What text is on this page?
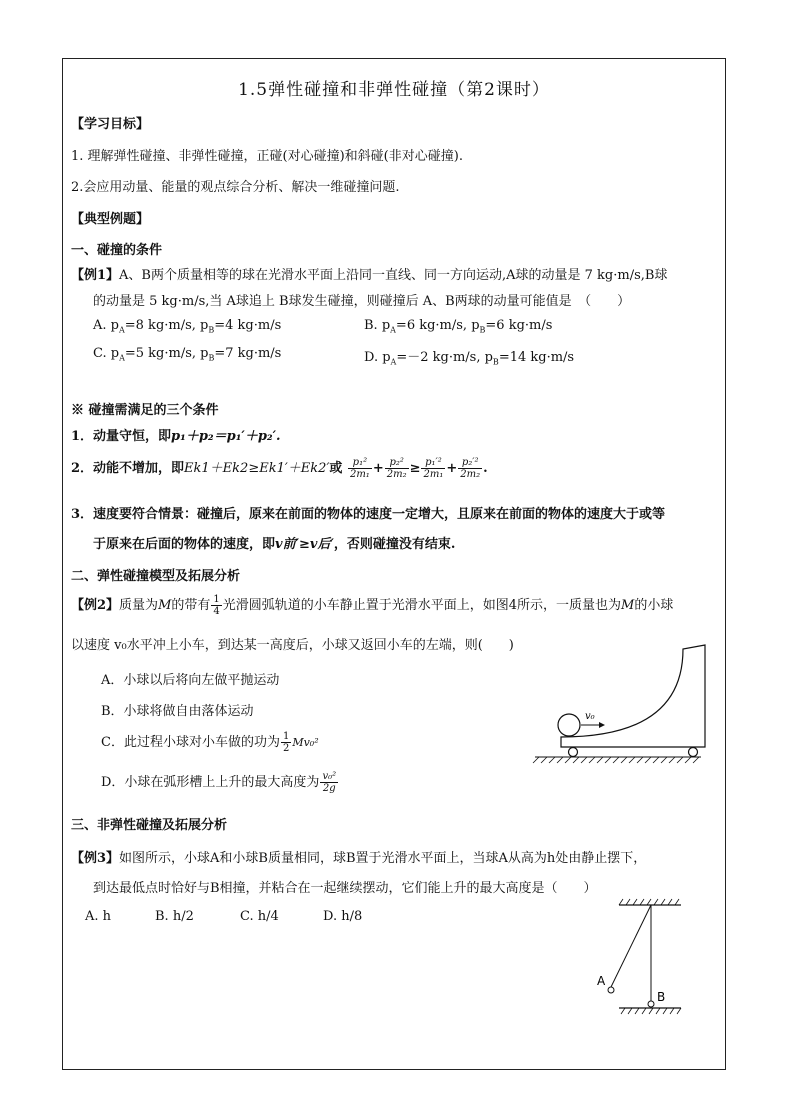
1.5弹性碰撞和非弹性碰撞（第2课时）
【学习目标】
1. 理解弹性碰撞、非弹性碰撞，正碰(对心碰撞)和斜碰(非对心碰撞).
2.会应用动量、能量的观点综合分析、解决一维碰撞问题.
【典型例题】
一、碰撞的条件
【例1】A、B两个质量相等的球在光滑水平面上沿同一直线、同一方向运动,A球的动量是 7 kg·m/s,B球
的动量是 5 kg·m/s,当 A球追上 B球发生碰撞，则碰撞后 A、B两球的动量可能值是　（　　）
A. $p_A=8$ kg·m/s, $p_B=4$ kg·m/s	B. $p_A=6$ kg·m/s, $p_B=6$ kg·m/s
C. $p_A=5$ kg·m/s, $p_B=7$ kg·m/s	D. $p_A=-2$ kg·m/s, $p_B=14$ kg·m/s
※ 碰撞需满足的三个条件
1．动量守恒，即p₁＋p₂＝p₁′＋p₂′.
2．动能不增加，即Ek1＋Ek2≥Ek1′＋Ek2′或 $\frac{\text{p₁²}}{\text{2m₁}} + \frac{\text{p₂²}}{\text{2m₂}} \ge \frac{\text{p₁′²}}{\text{2m₁}} + \frac{\text{p₂′²}}{\text{2m₂}}$ .
3．速度要符合情景：碰撞后，原来在前面的物体的速度一定增大，且原来在前面的物体的速度大于或等
于原来在后面的物体的速度，即v前′≥v后′，否则碰撞没有结束.
二、弹性碰撞模型及拓展分析
【例2】质量为M的带有 $\frac{1}{4}$ 光滑圆弧轨道的小车静止置于光滑水平面上，如图4所示，一质量也为M的小球
以速度 v₀水平冲上小车，到达某一高度后，小球又返回小车的左端，则(　　)
A．小球以后将向左做平抛运动
B．小球将做自由落体运动
C．此过程小球对小车做的功为 $\frac{1}{2} Mv_0^2$
D．小球在弧形槽上上升的最大高度为 $\frac{\text{v₀²}}{2g}$
v₀
三、非弹性碰撞及拓展分析
【例3】如图所示，小球A和小球B质量相同，球B置于光滑水平面上，当球A从高为h处由静止摆下，
到达最低点时恰好与B相撞，并粘合在一起继续摆动，它们能上升的最大高度是（　　）
A. h	B. h/2	C. h/4	D. h/8
A
B
